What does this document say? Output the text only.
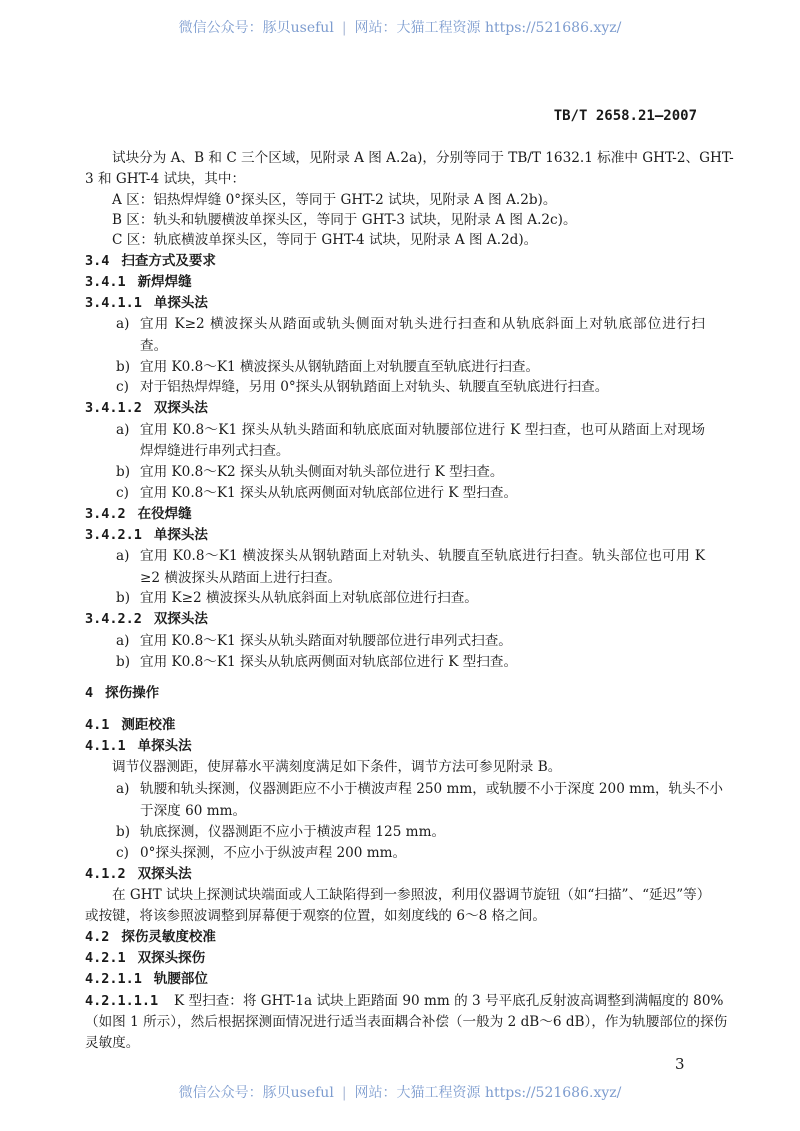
微信公众号：豚贝useful | 网站：大猫工程资源 https://521686.xyz/
TB/T 2658.21—2007
试块分为 A、B 和 C 三个区域，见附录 A 图 A.2a)，分别等同于 TB/T 1632.1 标准中 GHT-2、GHT-
3 和 GHT-4 试块，其中：
A 区：铝热焊焊缝 0°探头区，等同于 GHT-2 试块，见附录 A 图 A.2b)。
B 区：轨头和轨腰横波单探头区，等同于 GHT-3 试块，见附录 A 图 A.2c)。
C 区：轨底横波单探头区，等同于 GHT-4 试块，见附录 A 图 A.2d)。
3.4 扫查方式及要求
3.4.1 新焊焊缝
3.4.1.1 单探头法
a) 宜用 K≥2 横波探头从踏面或轨头侧面对轨头进行扫查和从轨底斜面上对轨底部位进行扫
查。
b) 宜用 K0.8～K1 横波探头从钢轨踏面上对轨腰直至轨底进行扫查。
c) 对于铝热焊焊缝，另用 0°探头从钢轨踏面上对轨头、轨腰直至轨底进行扫查。
3.4.1.2 双探头法
a) 宜用 K0.8～K1 探头从轨头踏面和轨底底面对轨腰部位进行 K 型扫查，也可从踏面上对现场
焊焊缝进行串列式扫查。
b) 宜用 K0.8～K2 探头从轨头侧面对轨头部位进行 K 型扫查。
c) 宜用 K0.8～K1 探头从轨底两侧面对轨底部位进行 K 型扫查。
3.4.2 在役焊缝
3.4.2.1 单探头法
a) 宜用 K0.8～K1 横波探头从钢轨踏面上对轨头、轨腰直至轨底进行扫查。轨头部位也可用 K
≥2 横波探头从踏面上进行扫查。
b) 宜用 K≥2 横波探头从轨底斜面上对轨底部位进行扫查。
3.4.2.2 双探头法
a) 宜用 K0.8～K1 探头从轨头踏面对轨腰部位进行串列式扫查。
b) 宜用 K0.8～K1 探头从轨底两侧面对轨底部位进行 K 型扫查。
4 探伤操作
4.1 测距校准
4.1.1 单探头法
调节仪器测距，使屏幕水平满刻度满足如下条件，调节方法可参见附录 B。
a) 轨腰和轨头探测，仪器测距应不小于横波声程 250 mm，或轨腰不小于深度 200 mm，轨头不小
于深度 60 mm。
b) 轨底探测，仪器测距不应小于横波声程 125 mm。
c) 0°探头探测，不应小于纵波声程 200 mm。
4.1.2 双探头法
在 GHT 试块上探测试块端面或人工缺陷得到一参照波，利用仪器调节旋钮（如“扫描”、“延迟”等）
或按键，将该参照波调整到屏幕便于观察的位置，如刻度线的 6～8 格之间。
4.2 探伤灵敏度校准
4.2.1 双探头探伤
4.2.1.1 轨腰部位
4.2.1.1.1	K 型扫查：将 GHT-1a 试块上距踏面 90 mm 的 3 号平底孔反射波高调整到满幅度的 80%
（如图 1 所示），然后根据探测面情况进行适当表面耦合补偿（一般为 2 dB～6 dB），作为轨腰部位的探伤
灵敏度。
3
微信公众号：豚贝useful | 网站：大猫工程资源 https://521686.xyz/
